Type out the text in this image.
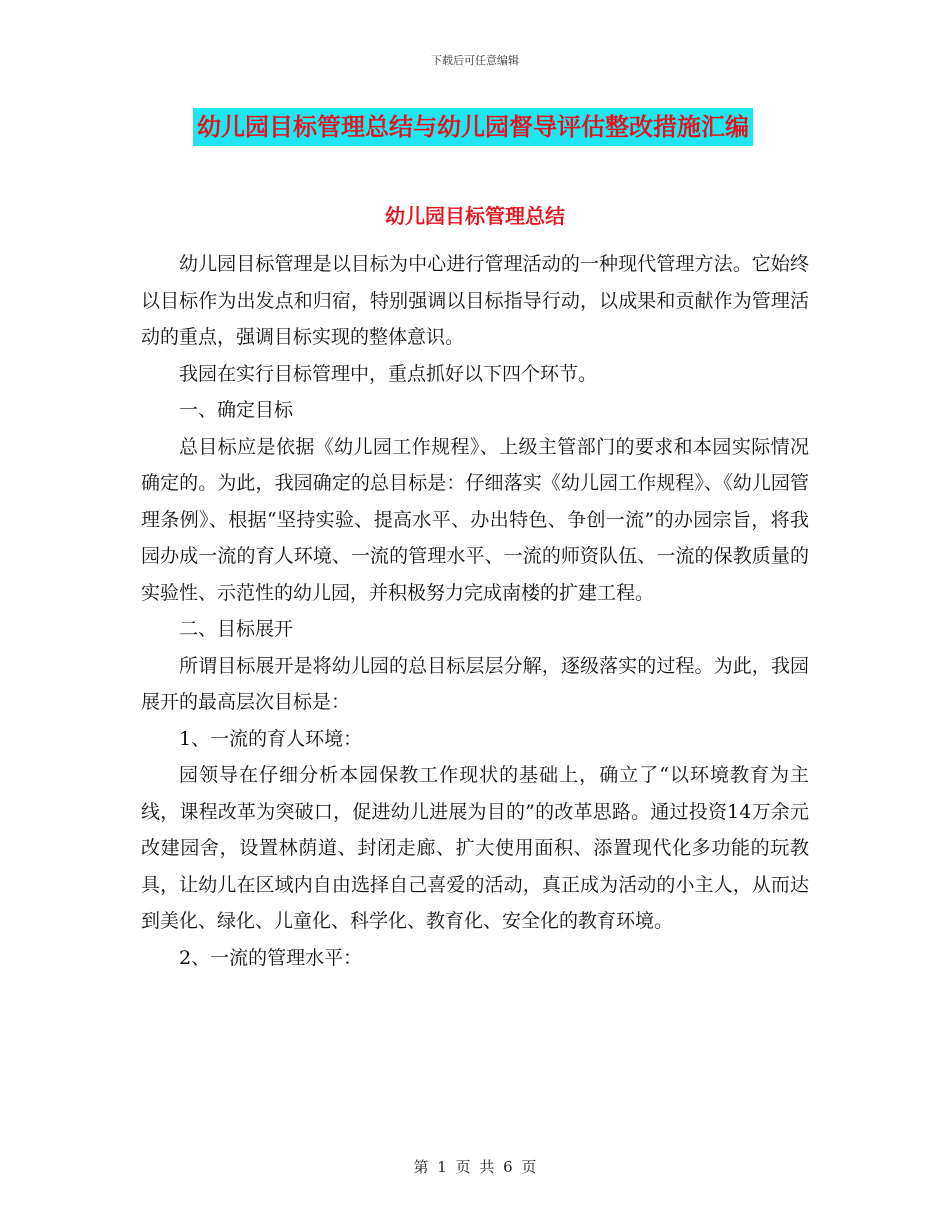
下载后可任意编辑
幼儿园目标管理总结与幼儿园督导评估整改措施汇编
幼儿园目标管理总结

幼儿园目标管理是以目标为中心进行管理活动的一种现代管理方法。它始终以目标作为出发点和归宿，特别强调以目标指导行动，以成果和贡献作为管理活动的重点，强调目标实现的整体意识。

我园在实行目标管理中，重点抓好以下四个环节。

一、确定目标

总目标应是依据《幼儿园工作规程》、上级主管部门的要求和本园实际情况确定的。为此，我园确定的总目标是：仔细落实《幼儿园工作规程》、《幼儿园管理条例》、根据“坚持实验、提高水平、办出特色、争创一流”的办园宗旨，将我园办成一流的育人环境、一流的管理水平、一流的师资队伍、一流的保教质量的实验性、示范性的幼儿园，并积极努力完成南楼的扩建工程。

二、目标展开

所谓目标展开是将幼儿园的总目标层层分解，逐级落实的过程。为此，我园展开的最高层次目标是：

1、一流的育人环境：

园领导在仔细分析本园保教工作现状的基础上，确立了“以环境教育为主线，课程改革为突破口，促进幼儿进展为目的”的改革思路。通过投资14万余元改建园舍，设置林荫道、封闭走廊、扩大使用面积、添置现代化多功能的玩教具，让幼儿在区域内自由选择自己喜爱的活动，真正成为活动的小主人，从而达到美化、绿化、儿童化、科学化、教育化、安全化的教育环境。

2、一流的管理水平：

第 1 页 共 6 页
